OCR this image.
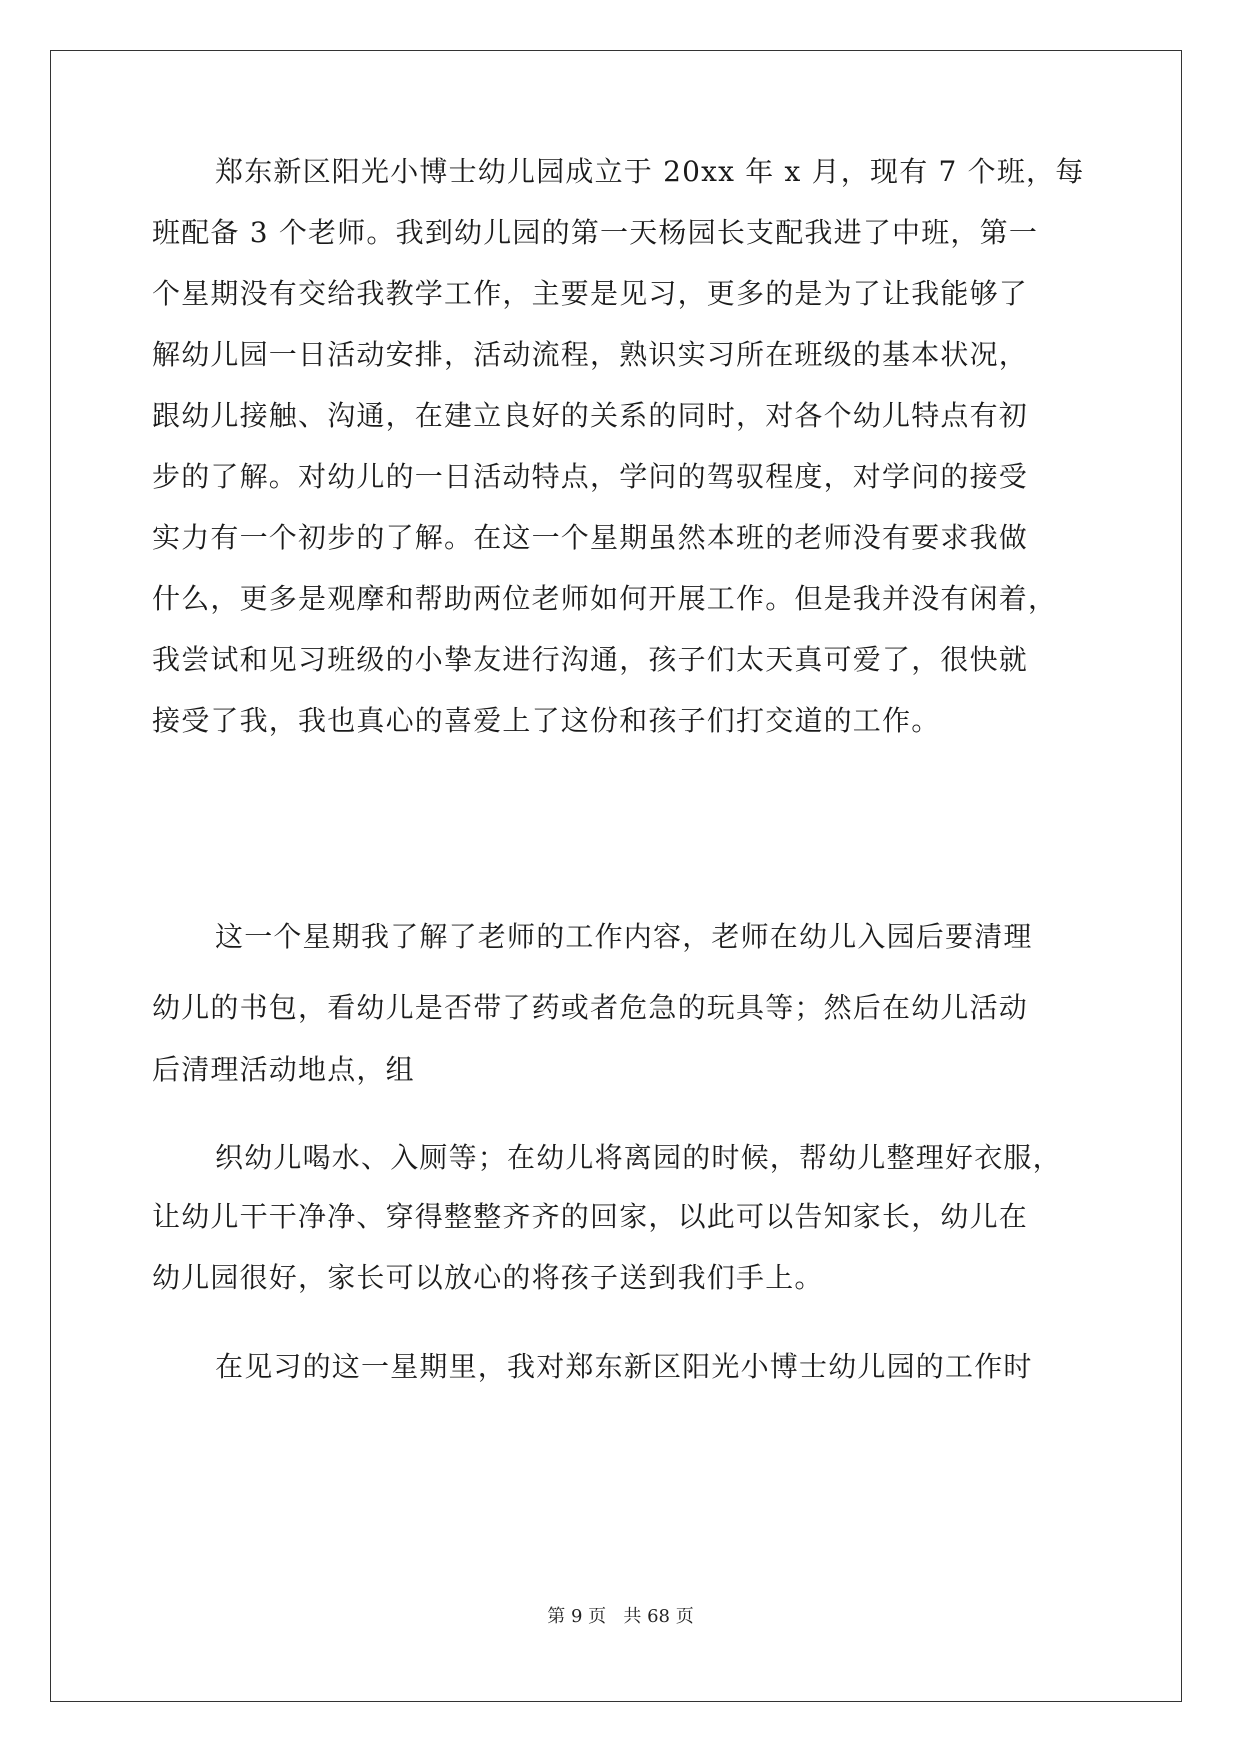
郑东新区阳光小博士幼儿园成立于 20xx 年 x 月，现有 7 个班，每
班配备 3 个老师。我到幼儿园的第一天杨园长支配我进了中班，第一
个星期没有交给我教学工作，主要是见习，更多的是为了让我能够了
解幼儿园一日活动安排，活动流程，熟识实习所在班级的基本状况，
跟幼儿接触、沟通，在建立良好的关系的同时，对各个幼儿特点有初
步的了解。对幼儿的一日活动特点，学问的驾驭程度，对学问的接受
实力有一个初步的了解。在这一个星期虽然本班的老师没有要求我做
什么，更多是观摩和帮助两位老师如何开展工作。但是我并没有闲着，
我尝试和见习班级的小挚友进行沟通，孩子们太天真可爱了，很快就
接受了我，我也真心的喜爱上了这份和孩子们打交道的工作。
这一个星期我了解了老师的工作内容，老师在幼儿入园后要清理
幼儿的书包，看幼儿是否带了药或者危急的玩具等；然后在幼儿活动
后清理活动地点，组
织幼儿喝水、入厕等；在幼儿将离园的时候，帮幼儿整理好衣服，
让幼儿干干净净、穿得整整齐齐的回家，以此可以告知家长，幼儿在
幼儿园很好，家长可以放心的将孩子送到我们手上。
在见习的这一星期里，我对郑东新区阳光小博士幼儿园的工作时
第 9 页   共 68 页
